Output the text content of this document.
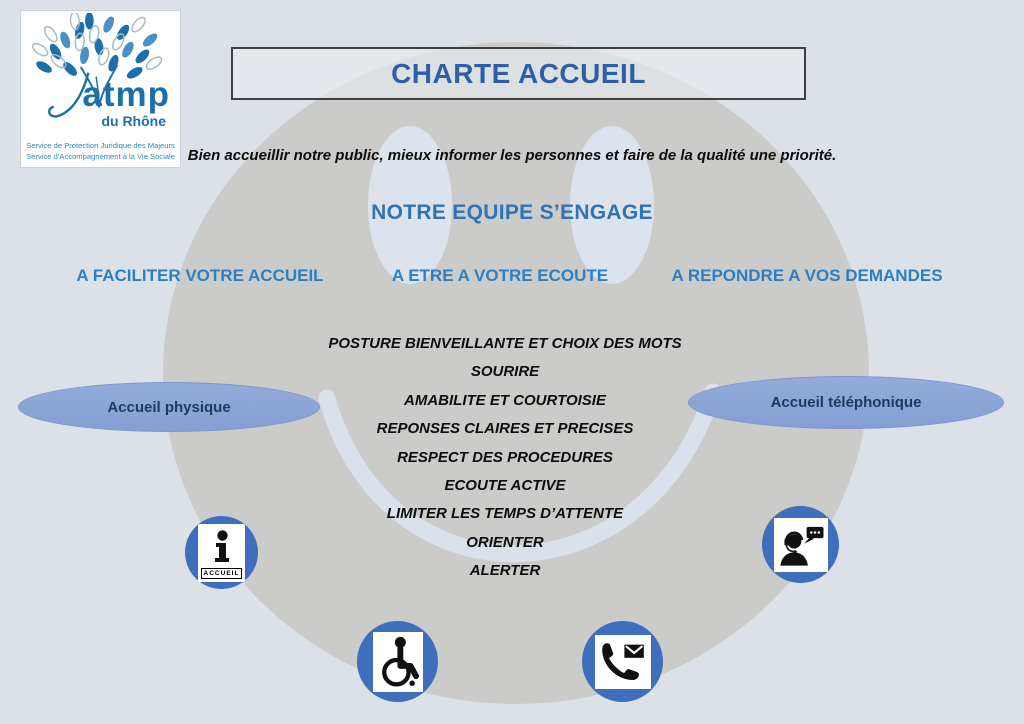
atmp
du Rhône
Service de Protection Juridique des Majeurs
Service d’Accompagnement à la Vie Sociale
CHARTE ACCUEIL
Bien accueillir notre public, mieux informer les personnes et faire de la qualité une priorité.
NOTRE EQUIPE S’ENGAGE
A FACILITER VOTRE ACCUEIL	A ETRE A VOTRE ECOUTE	A REPONDRE A VOS DEMANDES
POSTURE BIENVEILLANTE ET CHOIX DES MOTS
SOURIRE
AMABILITE ET COURTOISIE
REPONSES CLAIRES ET PRECISES
RESPECT DES PROCEDURES
ECOUTE ACTIVE
LIMITER LES TEMPS D’ATTENTE
ORIENTER
ALERTER
Accueil physique	Accueil téléphonique
ACCUEIL
